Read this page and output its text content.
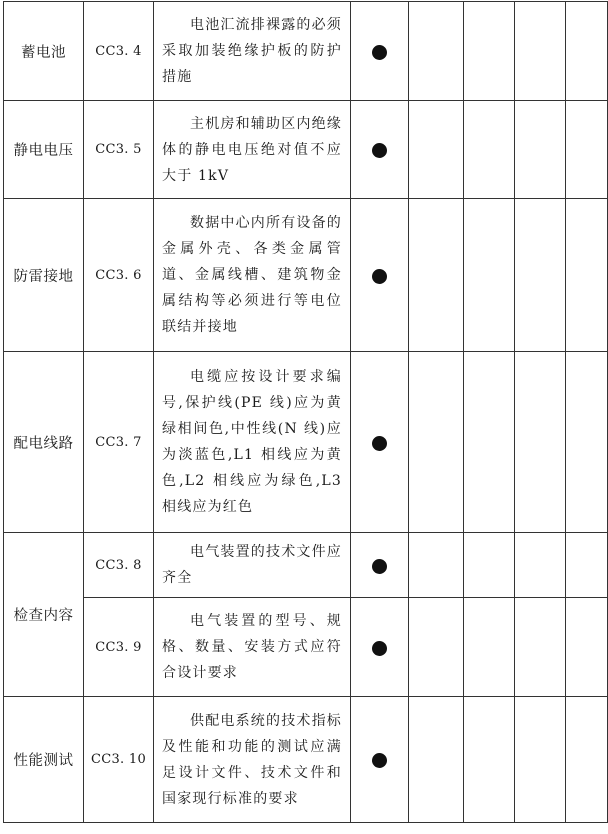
蓄电池	CC3. 4	电池汇流排裸露的必须采取加装绝缘护板的防护措施					

静电电压	CC3. 5	主机房和辅助区内绝缘体的静电电压绝对值不应大于 1kV					

防雷接地	CC3. 6	数据中心内所有设备的金属外壳、各类金属管道、金属线槽、建筑物金属结构等必须进行等电位联结并接地					

配电线路	CC3. 7	电缆应按设计要求编号,保护线(PE 线)应为黄绿相间色,中性线(N 线)应为淡蓝色,L1 相线应为黄色,L2 相线应为绿色,L3 相线应为红色					

检查内容	CC3. 8	电气装置的技术文件应齐全					

	CC3. 9	电气装置的型号、规格、数量、安装方式应符合设计要求					

性能测试	CC3. 10	供配电系统的技术指标及性能和功能的测试应满足设计文件、技术文件和国家现行标准的要求					
